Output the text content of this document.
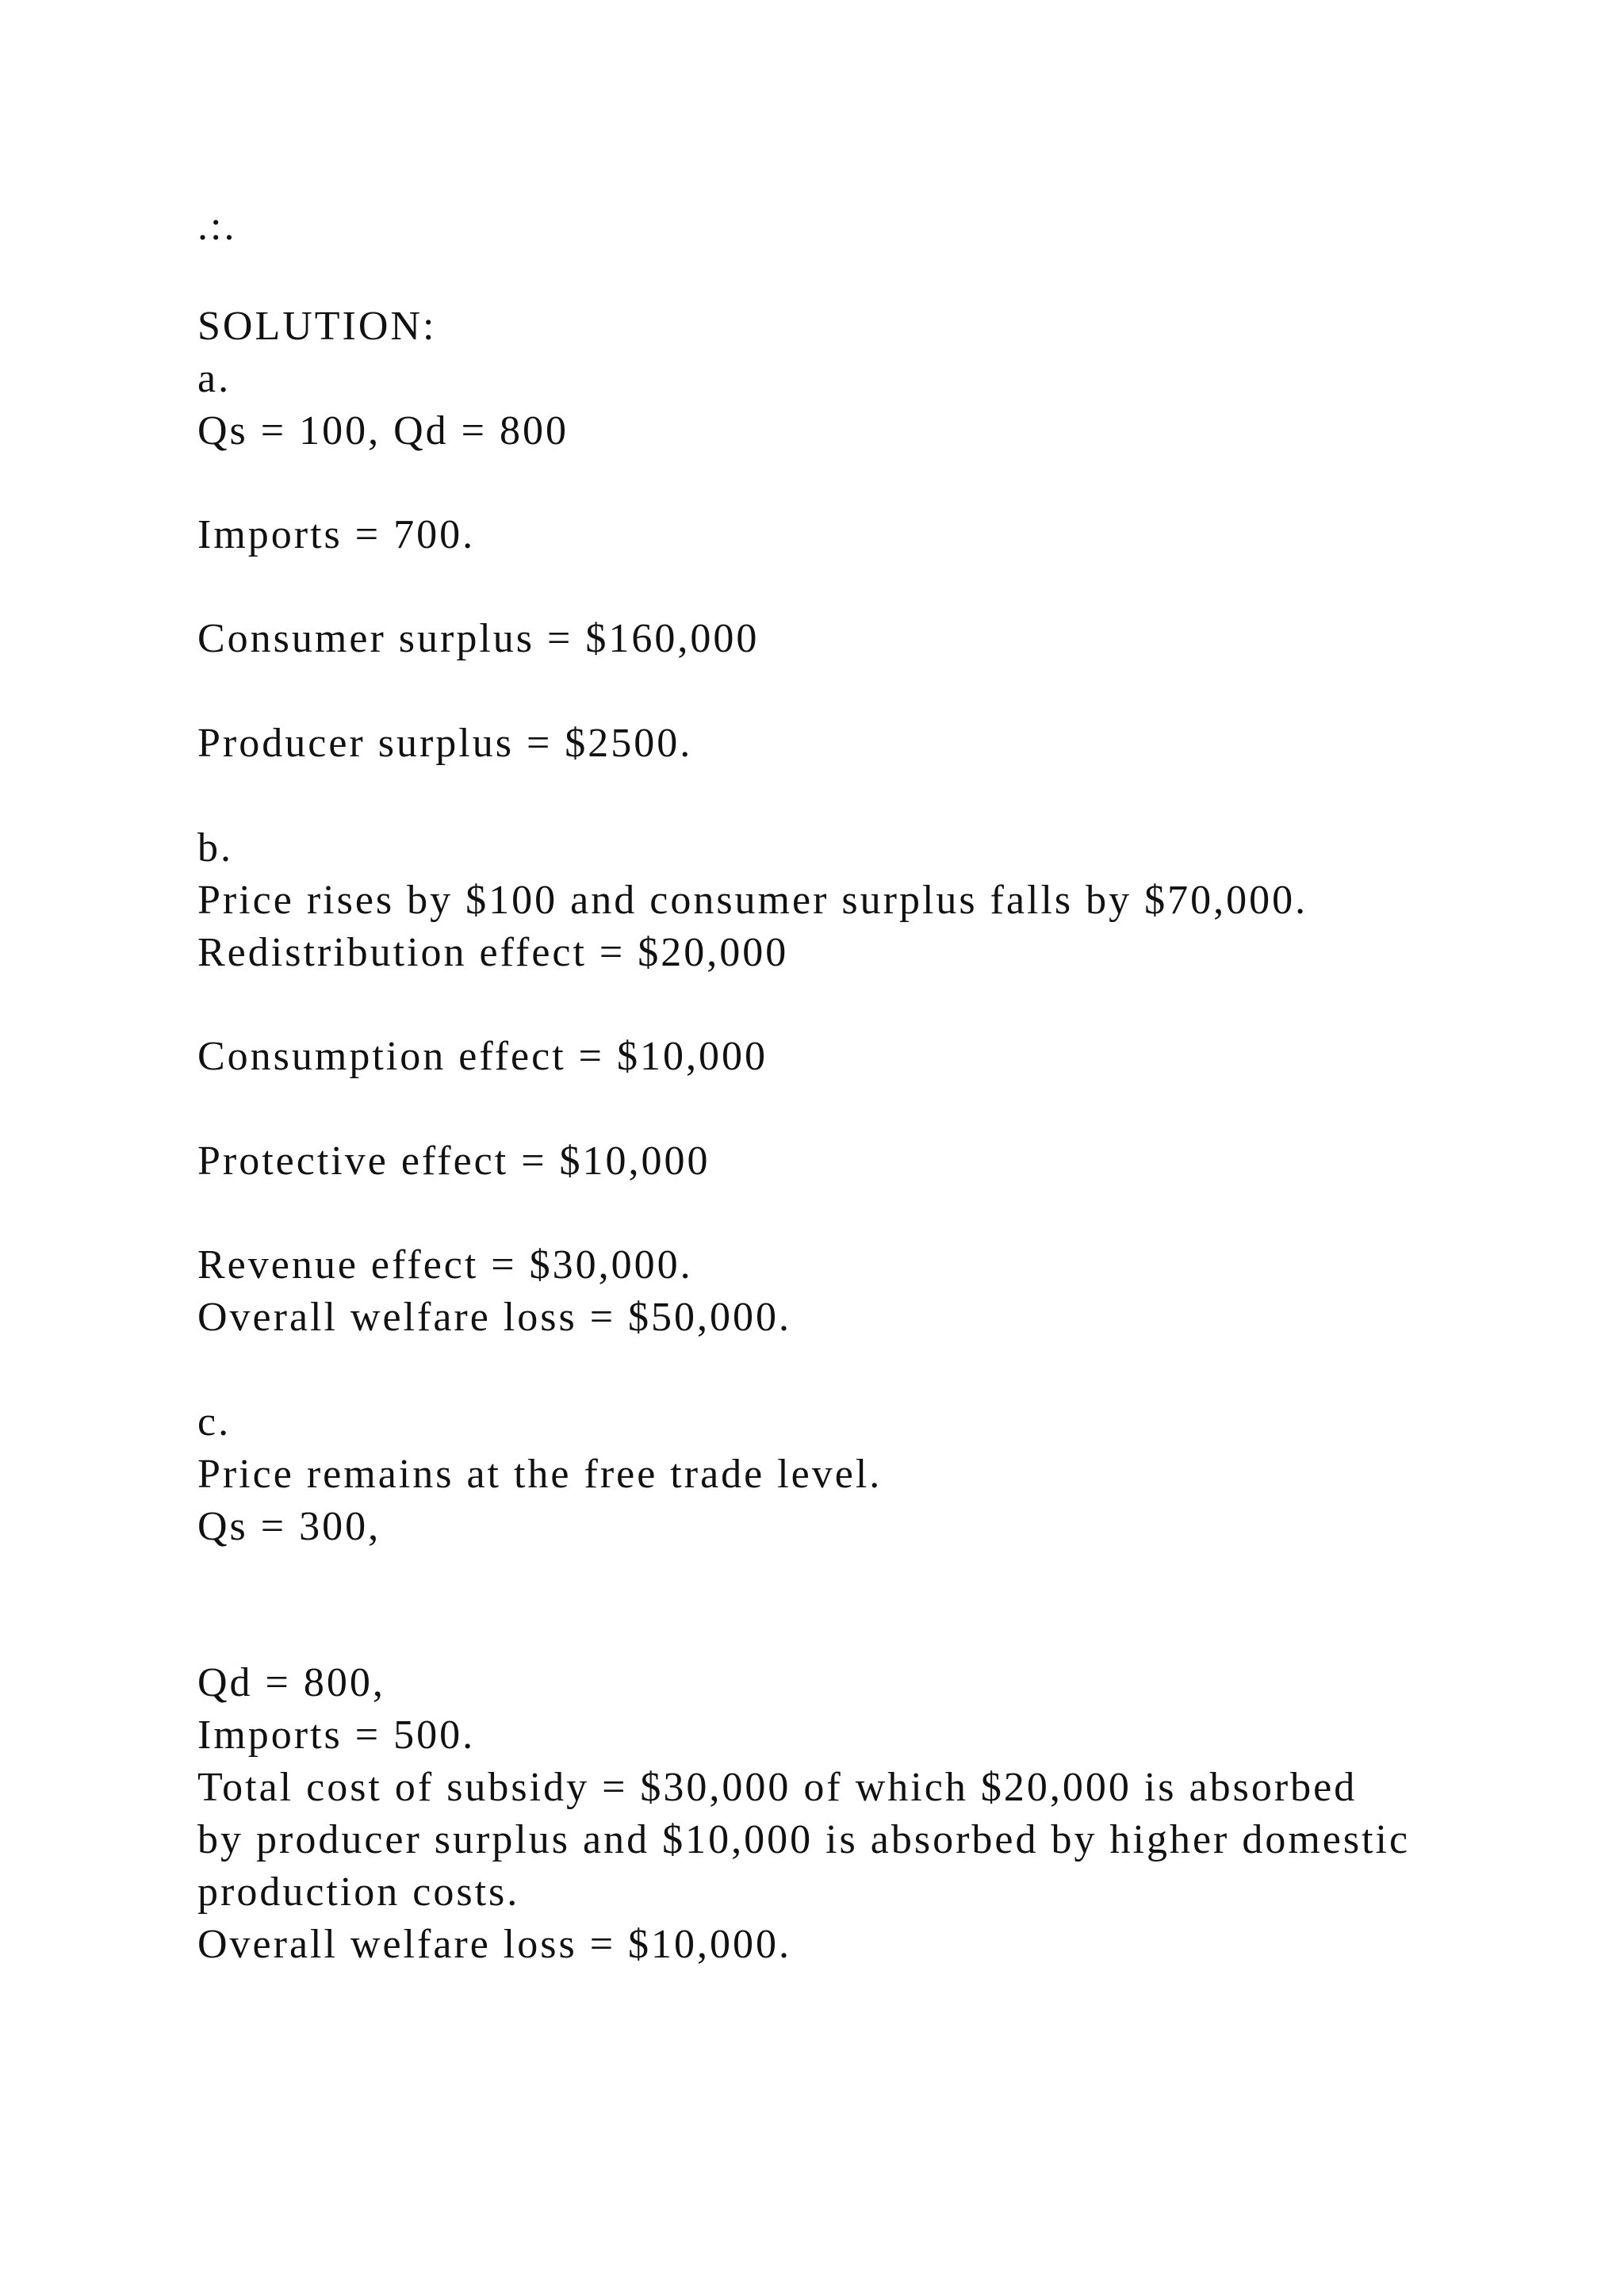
.:.

SOLUTION:

a.

Qs = 100, Qd = 800

Imports = 700.

Consumer surplus = $160,000

Producer surplus = $2500.

b.

Price rises by $100 and consumer surplus falls by $70,000.

Redistribution effect = $20,000

Consumption effect = $10,000

Protective effect = $10,000

Revenue effect = $30,000.

Overall welfare loss = $50,000.

c.

Price remains at the free trade level.

Qs = 300,

Qd = 800,

Imports = 500.

Total cost of subsidy = $30,000 of which $20,000 is absorbed

by producer surplus and $10,000 is absorbed by higher domestic

production costs.

Overall welfare loss = $10,000.
